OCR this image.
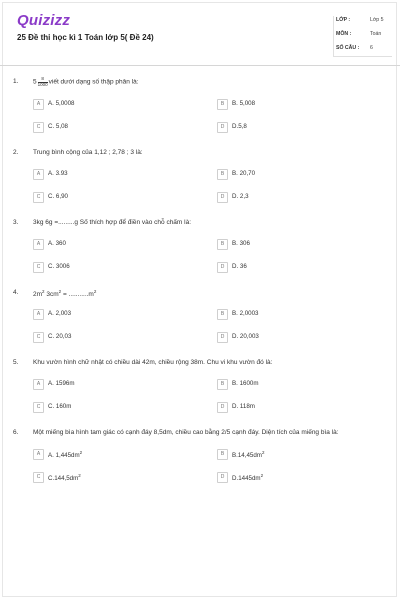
Quizizz
25 Đề thi học kì 1 Toán lớp 5( Đề 24)
LỚP :	Lớp 5
MÔN :	Toán
SỐ CÂU : 6
1. $5 \frac{8}{1000}$ viết dưới dạng số thập phân là:
A	A. 5,0008	B	B. 5,008
C	C. 5,08	D	D.5,8
2. Trung bình cộng của 1,12 ; 2,78 ; 3 là:
A	A. 3.93	B	B. 20,70
C	C. 6,90	D	D. 2,3
3. 3kg 6g =.........g Số thích hợp để điền vào chỗ chấm là:
A	A. 360	B	B. 306
C	C. 3006	D	D. 36
4. $2m^2$ $3cm^2 = ...........m^2$
A	A. 2,003	B	B. 2,0003
C	C. 20,03	D	D. 20,003
5. Khu vườn hình chữ nhật có chiều dài 42m, chiều rộng 38m. Chu vi khu vườn đó là:
A	A. 1596m	B	B. 1600m
C	C. 160m	D	D. 118m
6. Một miếng bìa hình tam giác có cạnh đáy 8,5dm, chiều cao bằng 2/5 cạnh đáy. Diện tích của miếng bìa là:
A	A. $1,445dm^2$	B	$B.14,45dm^2$
C	$C.144,5dm^2$	D	$D.1445dm^2$
